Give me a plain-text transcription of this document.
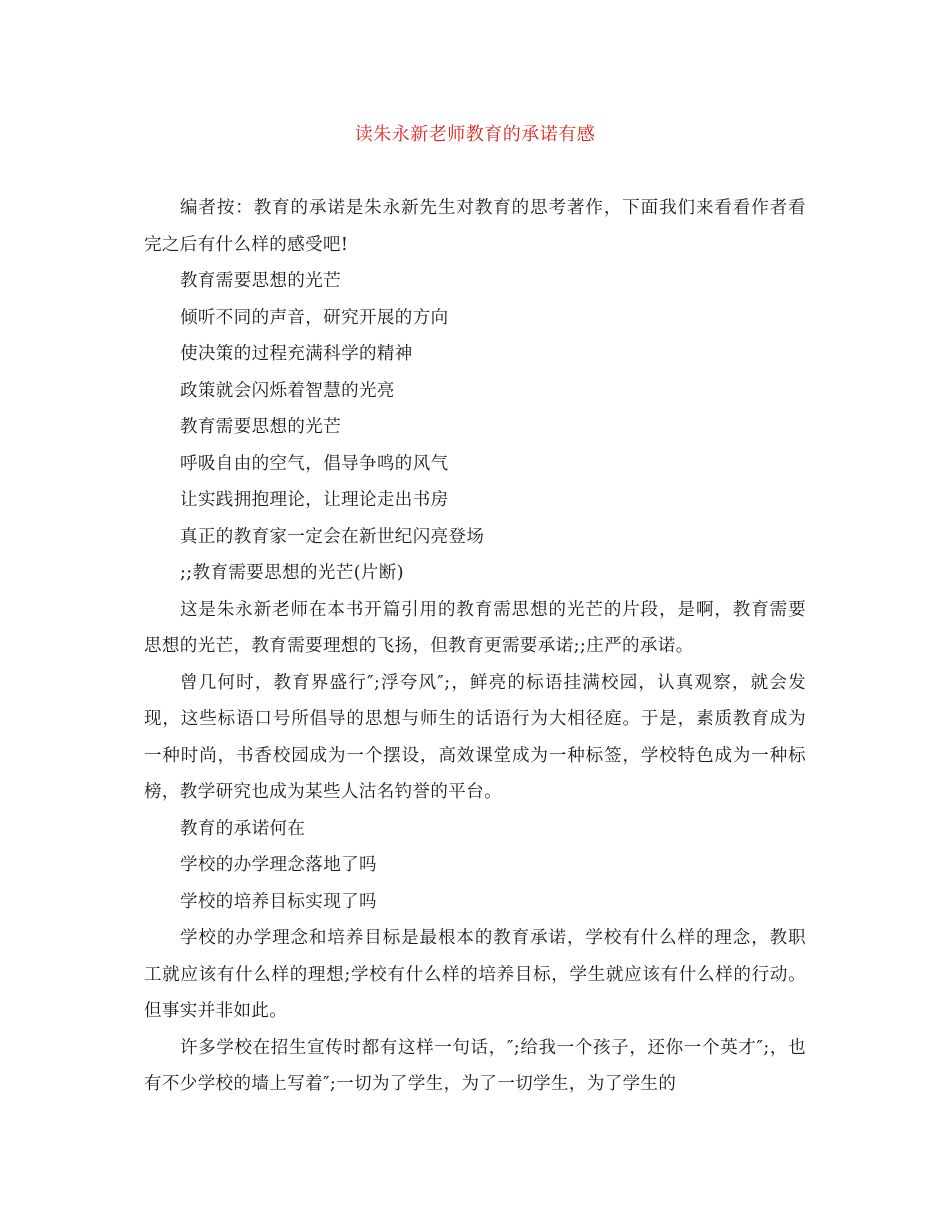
读朱永新老师教育的承诺有感

编者按：教育的承诺是朱永新先生对教育的思考著作，下面我们来看看作者看完之后有什么样的感受吧!

教育需要思想的光芒

倾听不同的声音，研究开展的方向

使决策的过程充满科学的精神

政策就会闪烁着智慧的光亮

教育需要思想的光芒

呼吸自由的空气，倡导争鸣的风气

让实践拥抱理论，让理论走出书房

真正的教育家一定会在新世纪闪亮登场

;;教育需要思想的光芒(片断)

这是朱永新老师在本书开篇引用的教育需思想的光芒的片段，是啊，教育需要思想的光芒，教育需要理想的飞扬，但教育更需要承诺;;庄严的承诺。

曾几何时，教育界盛行″;浮夸风″;，鲜亮的标语挂满校园，认真观察，就会发现，这些标语口号所倡导的思想与师生的话语行为大相径庭。于是，素质教育成为一种时尚，书香校园成为一个摆设，高效课堂成为一种标签，学校特色成为一种标榜，教学研究也成为某些人沽名钓誉的平台。

教育的承诺何在

学校的办学理念落地了吗

学校的培养目标实现了吗

学校的办学理念和培养目标是最根本的教育承诺，学校有什么样的理念，教职工就应该有什么样的理想;学校有什么样的培养目标，学生就应该有什么样的行动。但事实并非如此。

许多学校在招生宣传时都有这样一句话，″;给我一个孩子，还你一个英才″;，也有不少学校的墙上写着″;一切为了学生，为了一切学生，为了学生的
